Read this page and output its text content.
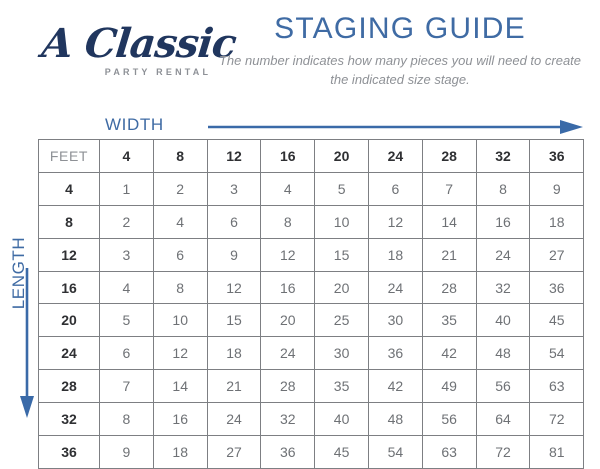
A Classic
PARTY RENTAL
STAGING GUIDE
The number indicates how many pieces you will need to create the indicated size stage.
WIDTH
LENGTH
FEET	4	8	12	16	20	24	28	32	36
4	1	2	3	4	5	6	7	8	9
8	2	4	6	8	10	12	14	16	18
12	3	6	9	12	15	18	21	24	27
16	4	8	12	16	20	24	28	32	36
20	5	10	15	20	25	30	35	40	45
24	6	12	18	24	30	36	42	48	54
28	7	14	21	28	35	42	49	56	63
32	8	16	24	32	40	48	56	64	72
36	9	18	27	36	45	54	63	72	81
